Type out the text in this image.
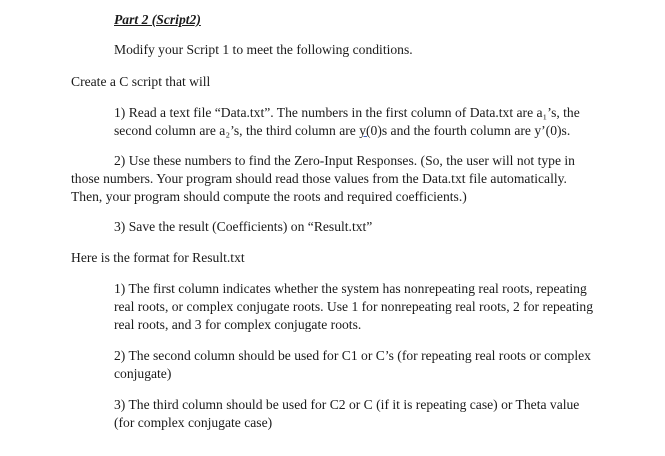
Part 2 (Script2)
Modify your Script 1 to meet the following conditions.
Create a C script that will
1) Read a text file “Data.txt”. The numbers in the first column of Data.txt are a₁’s, the
second column are a₂’s, the third column are y(0)s and the fourth column are y’(0)s.
2) Use these numbers to find the Zero-Input Responses. (So, the user will not type in
those numbers. Your program should read those values from the Data.txt file automatically.
Then, your program should compute the roots and required coefficients.)
3) Save the result (Coefficients) on “Result.txt”
Here is the format for Result.txt
1) The first column indicates whether the system has nonrepeating real roots, repeating
real roots, or complex conjugate roots. Use 1 for nonrepeating real roots, 2 for repeating
real roots, and 3 for complex conjugate roots.
2) The second column should be used for C1 or C’s (for repeating real roots or complex
conjugate)
3) The third column should be used for C2 or C (if it is repeating case) or Theta value
(for complex conjugate case)
